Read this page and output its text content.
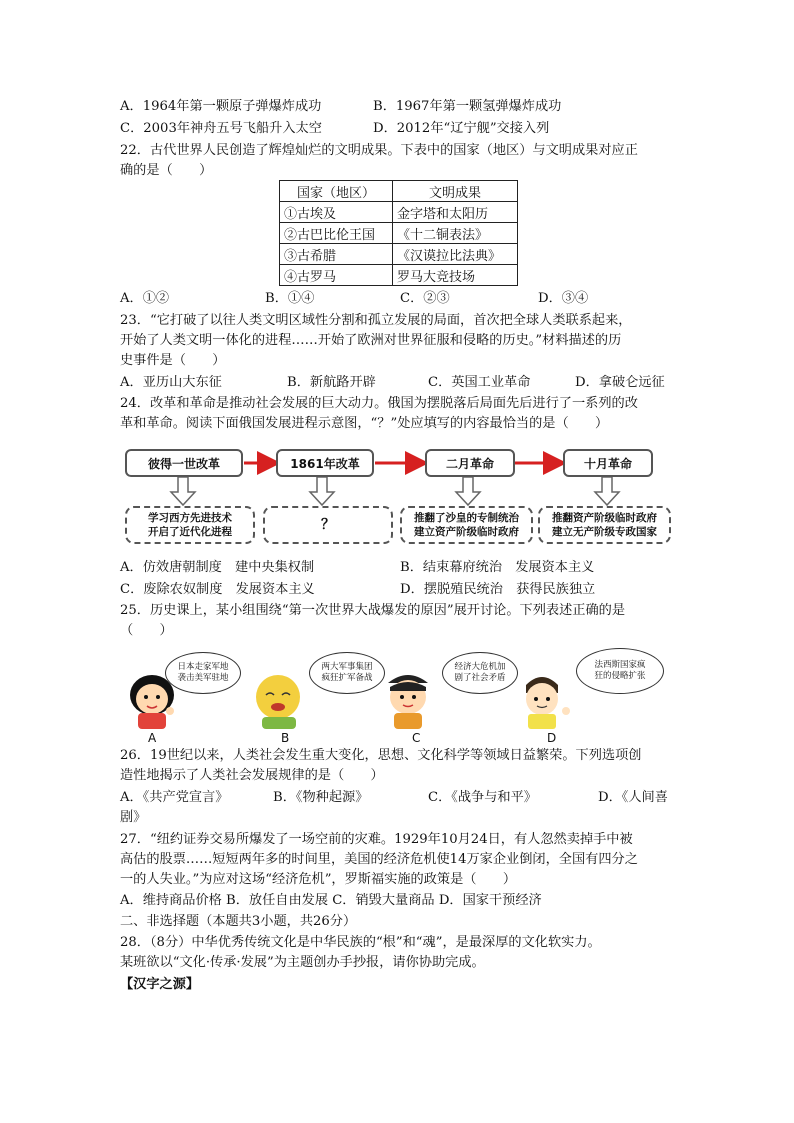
A．1964年第一颗原子弹爆炸成功	B．1967年第一颗氢弹爆炸成功
C．2003年神舟五号飞船升入太空	D．2012年“辽宁舰”交接入列
22．古代世界人民创造了辉煌灿烂的文明成果。下表中的国家（地区）与文明成果对应正
确的是（　　）
国家（地区）	文明成果
①古埃及	金字塔和太阳历
②古巴比伦王国	《十二铜表法》
③古希腊	《汉谟拉比法典》
④古罗马	罗马大竞技场
A．①②	B．①④	C．②③	D．③④
23．“它打破了以往人类文明区域性分割和孤立发展的局面，首次把全球人类联系起来，
开始了人类文明一体化的进程……开始了欧洲对世界征服和侵略的历史。”材料描述的历
史事件是（　　）
A．亚历山大东征	B．新航路开辟	C．英国工业革命	D．拿破仑远征
24．改革和革命是推动社会发展的巨大动力。俄国为摆脱落后局面先后进行了一系列的改
革和革命。阅读下面俄国发展进程示意图，“？”处应填写的内容最恰当的是（　　）
彼得一世改革	1861年改革	二月革命	十月革命
学习西方先进技术
开启了近代化进程	？	推翻了沙皇的专制统治
建立资产阶级临时政府
推翻资产阶级临时政府
建立无产阶级专政国家
A．仿效唐朝制度　建中央集权制	B．结束幕府统治　发展资本主义
C．废除农奴制度　发展资本主义	D．摆脱殖民统治　获得民族独立
25．历史课上，某小组围绕“第一次世界大战爆发的原因”展开讨论。下列表述正确的是
（　　）
日本走家军地
袭击美军驻地
两大军事集团
疯狂扩军备战
经济大危机加
剧了社会矛盾
法西斯国家疯
狂的侵略扩张
A	B	C	D
26．19世纪以来，人类社会发生重大变化，思想、文化科学等领域日益繁荣。下列选项创
造性地揭示了人类社会发展规律的是（　　）
A．《共产党宣言》	B．《物种起源》	C．《战争与和平》	D．《人间喜
剧》
27．“纽约证券交易所爆发了一场空前的灾难。1929年10月24日，有人忽然卖掉手中被
高估的股票……短短两年多的时间里，美国的经济危机使14万家企业倒闭，全国有四分之
一的人失业。”为应对这场“经济危机”，罗斯福实施的政策是（　　）
A．维持商品价格 B．放任自由发展 C．销毁大量商品 D．国家干预经济
二、非选择题（本题共3小题，共26分）
28．（8分）中华优秀传统文化是中华民族的“根”和“魂”，是最深厚的文化软实力。
某班欲以“文化·传承·发展”为主题创办手抄报，请你协助完成。
【汉字之源】
